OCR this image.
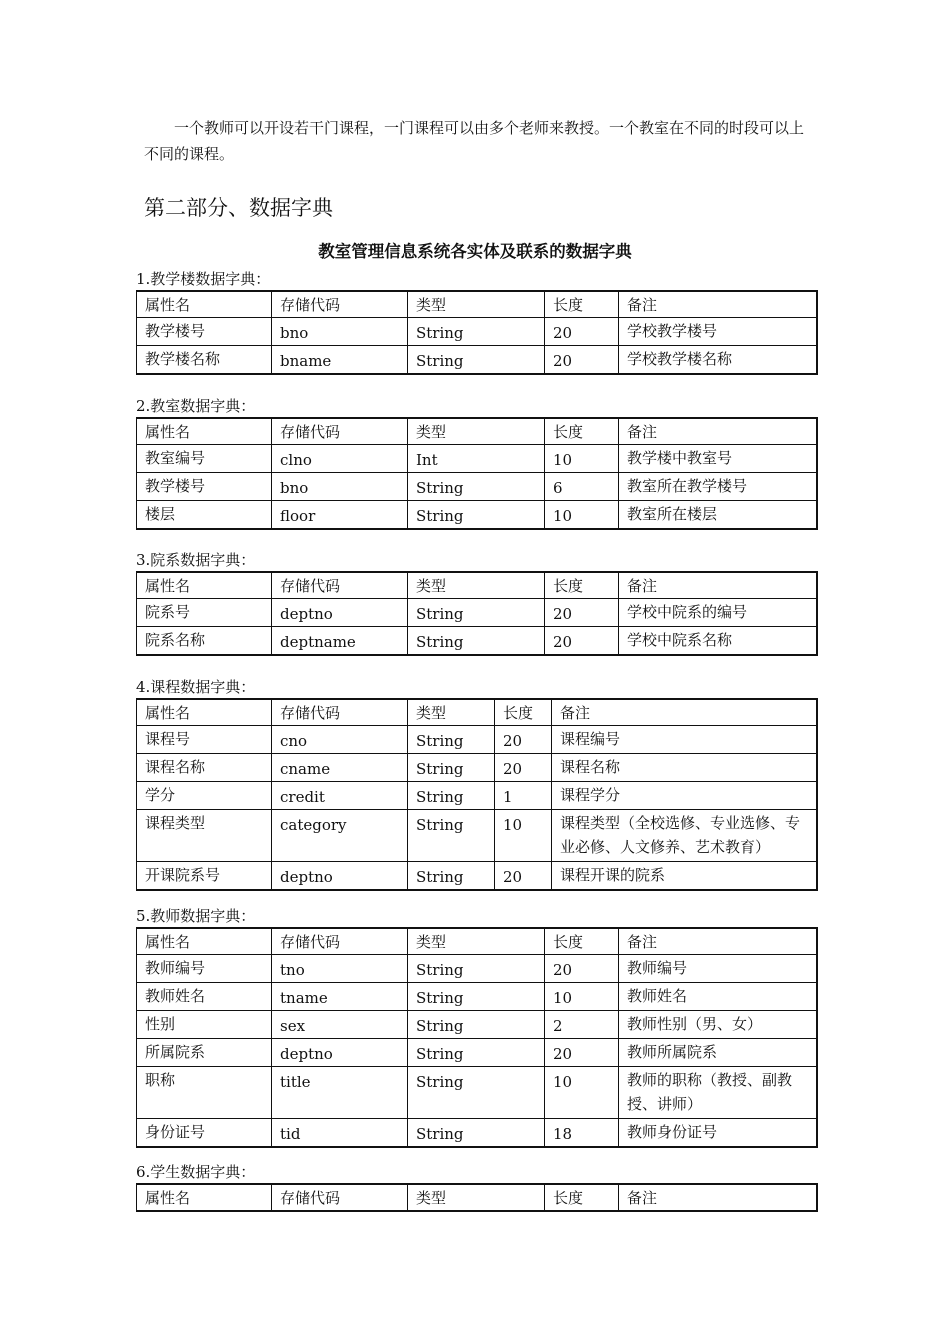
　　一个教师可以开设若干门课程，一门课程可以由多个老师来教授。一个教室在不同的时段可以上不同的课程。

第二部分、数据字典
教室管理信息系统各实体及联系的数据字典

1.教学楼数据字典：

属性名	存储代码	类型	长度	备注
教学楼号	bno	String	20	学校教学楼号
教学楼名称	bname	String	20	学校教学楼名称

2.教室数据字典：

属性名	存储代码	类型	长度	备注
教室编号	clno	Int	10	教学楼中教室号
教学楼号	bno	String	6	教室所在教学楼号
楼层	floor	String	10	教室所在楼层

3.院系数据字典：

属性名	存储代码	类型	长度	备注
院系号	deptno	String	20	学校中院系的编号
院系名称	deptname	String	20	学校中院系名称

4.课程数据字典：

属性名	存储代码	类型	长度	备注
课程号	cno	String	20	课程编号
课程名称	cname	String	20	课程名称
学分	credit	String	1	课程学分
课程类型	category	String	10	课程类型（全校选修、专业选修、专业必修、人文修养、艺术教育）
开课院系号	deptno	String	20	课程开课的院系

5.教师数据字典：

属性名	存储代码	类型	长度	备注
教师编号	tno	String	20	教师编号
教师姓名	tname	String	10	教师姓名
性别	sex	String	2	教师性别（男、女）
所属院系	deptno	String	20	教师所属院系
职称	title	String	10	教师的职称（教授、副教授、讲师）
身份证号	tid	String	18	教师身份证号

6.学生数据字典：

属性名	存储代码	类型	长度	备注
